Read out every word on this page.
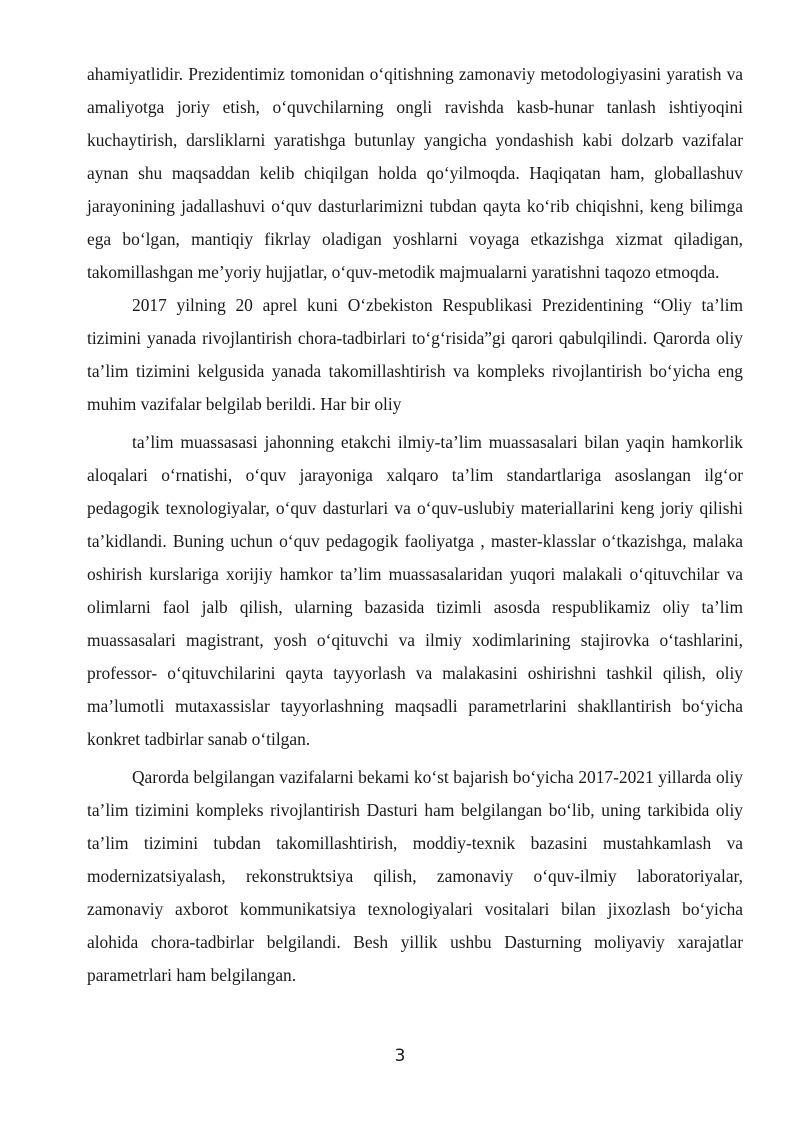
ahamiyatlidir. Prezidentimiz tomonidan o‘qitishning zamonaviy metodologiyasini yaratish va amaliyotga joriy etish, o‘quvchilarning ongli ravishda kasb-hunar tanlash ishtiyoqini kuchaytirish, darsliklarni yaratishga butunlay yangicha yondashish kabi dolzarb vazifalar aynan shu maqsaddan kelib chiqilgan holda qo‘yilmoqda. Haqiqatan ham, globallashuv jarayonining jadallashuvi o‘quv dasturlarimizni tubdan qayta ko‘rib chiqishni, keng bilimga ega bo‘lgan, mantiqiy fikrlay oladigan yoshlarni voyaga etkazishga xizmat qiladigan, takomillashgan me’yoriy hujjatlar, o‘quv-metodik majmualarni yaratishni taqozo etmoqda.

2017 yilning 20 aprel kuni O‘zbekiston Respublikasi Prezidentining “Oliy ta’lim tizimini yanada rivojlantirish chora-tadbirlari to‘g‘risida”gi qarori qabulqilindi. Qarorda oliy ta’lim tizimini kelgusida yanada takomillashtirish va kompleks rivojlantirish bo‘yicha eng muhim vazifalar belgilab berildi. Har bir oliy

ta’lim muassasasi jahonning etakchi ilmiy-ta’lim muassasalari bilan yaqin hamkorlik aloqalari o‘rnatishi, o‘quv jarayoniga xalqaro ta’lim standartlariga asoslangan ilg‘or pedagogik texnologiyalar, o‘quv dasturlari va o‘quv-uslubiy materiallarini keng joriy qilishi ta’kidlandi. Buning uchun o‘quv pedagogik faoliyatga , master-klasslar o‘tkazishga, malaka oshirish kurslariga xorijiy hamkor ta’lim muassasalaridan yuqori malakali o‘qituvchilar va olimlarni faol jalb qilish, ularning bazasida tizimli asosda respublikamiz oliy ta’lim muassasalari magistrant, yosh o‘qituvchi va ilmiy xodimlarining stajirovka o‘tashlarini, professor- o‘qituvchilarini qayta tayyorlash va malakasini oshirishni tashkil qilish, oliy ma’lumotli mutaxassislar tayyorlashning maqsadli parametrlarini shakllantirish bo‘yicha konkret tadbirlar sanab o‘tilgan.

Qarorda belgilangan vazifalarni bekami ko‘st bajarish bo‘yicha 2017-2021 yillarda oliy ta’lim tizimini kompleks rivojlantirish Dasturi ham belgilangan bo‘lib, uning tarkibida oliy ta’lim tizimini tubdan takomillashtirish, moddiy-texnik bazasini mustahkamlash va modernizatsiyalash, rekonstruktsiya qilish, zamonaviy o‘quv-ilmiy laboratoriyalar, zamonaviy axborot kommunikatsiya texnologiyalari vositalari bilan jixozlash bo‘yicha alohida chora-tadbirlar belgilandi. Besh yillik ushbu Dasturning moliyaviy xarajatlar parametrlari ham belgilangan.

3
